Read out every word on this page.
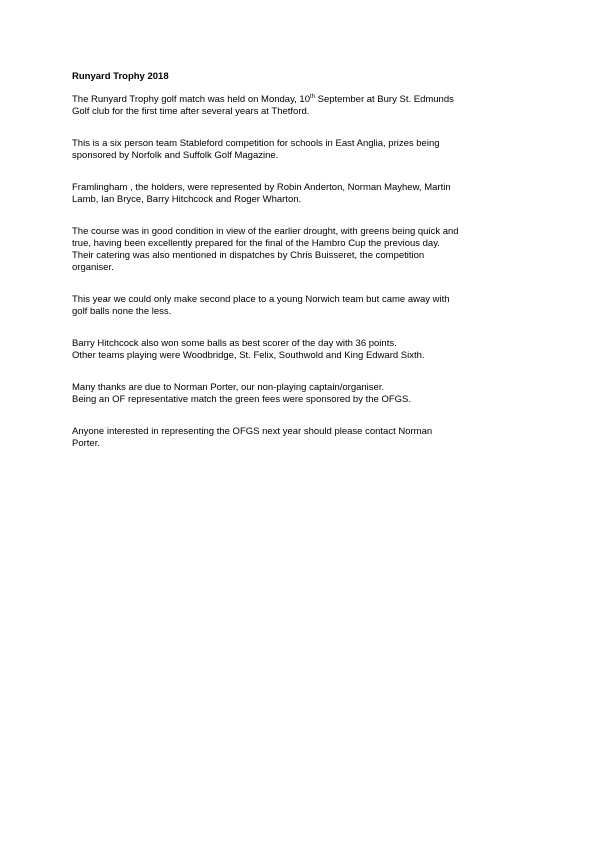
Runyard Trophy 2018
The Runyard Trophy golf match was held on Monday, 10th September at Bury St. Edmunds
Golf club for the first time after several years at Thetford.
This is a six person team Stableford competition for schools in East Anglia, prizes being
sponsored by Norfolk and Suffolk Golf Magazine.
Framlingham , the holders, were represented by Robin Anderton, Norman Mayhew, Martin
Lamb, Ian Bryce, Barry Hitchcock and Roger Wharton.
The course was in good condition in view of the earlier drought, with greens being quick and
true, having been excellently prepared for the final of the Hambro Cup the previous day.
Their catering was also mentioned in dispatches by Chris Buisseret, the competition
organiser.
This year we could only make second place to a young Norwich team but came away with
golf balls none the less.
Barry Hitchcock also won some balls as best scorer of the day with 36 points.
Other teams playing were Woodbridge, St. Felix, Southwold and King Edward Sixth.
Many thanks are due to Norman Porter, our non-playing captain/organiser.
Being an OF representative match the green fees were sponsored by the OFGS.
Anyone interested in representing the OFGS next year should please contact Norman
Porter.
